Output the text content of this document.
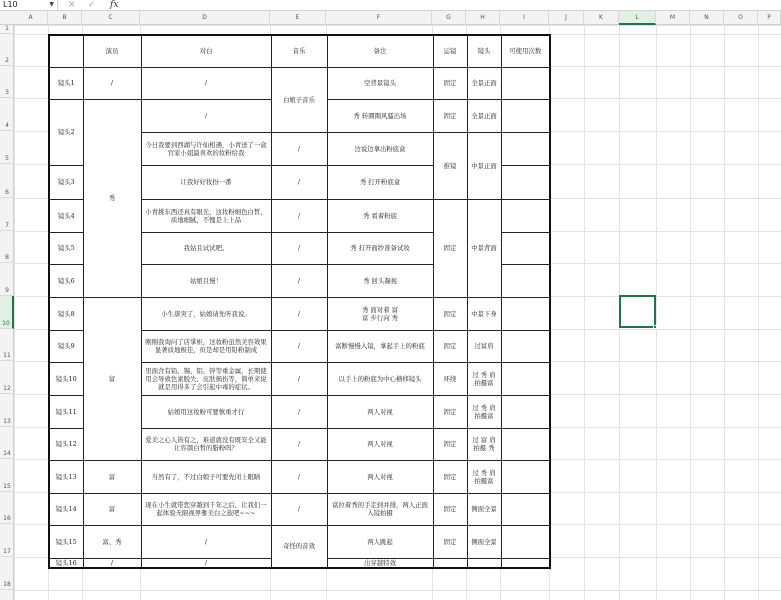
L10	▼ ✕ ✓ fx
A	B	C	D	E	F	G	H	I	J	K	L	M	N	O	P
1
2
3
4
5
6
7
8
9
10
11
12
13
14
15
16
17
18
	演员	对白	音乐	备注	运镜	镜头	可使用次数
镜头1	/	/	白娘子音乐	空背景镜头	固定	全景正面	
镜头2	秀	/		秀 转圈圈风骚出场	固定	全景正面	
		今日我要到西湖与许仙相遇，小青送了一盒官家小姐最喜欢的妆粉给我	/	边说边拿出粉底盒	推镜	中景正面	
镜头3		让我好好妆扮一番	/	秀 打开粉底盒			
镜头4		小青挑东西还真有眼光，这妆粉细色白皙、质地细腻，不愧是上上品	/	秀 看着粉底	固定	中景背面	
镜头5		我姑且试试吧。	/	秀 打开面纱准备试妆			
镜头6		姑娘且慢！	/	秀 回头凝视			
镜头8	富	小生唐突了，姑娘请先听我说。	/	秀 面对着 富
富 步行向 秀	固定	中景下身	
镜头9		刚刚我询问了店掌柜，这妆粉虽然美容效果显著质地极佳，但是却是用铅粉制成	/	富断慢慢入镜，拿起手上的粉底	固定	过富肩	
镜头10		里面含有铅、锡、铝、锌等重金属，长期使用会导致色素脱失、皮肤损伤等，简单来说就是用得多了会引起中毒的症状。	/	以手上的粉底为中心横移镜头	环绕	过 秀 肩
拍摄富	
镜头11		姑娘用这妆粉可要慎重才行	/	两人对视	固定	过 秀 肩
拍摄富	
镜头12		爱美之心人皆有之，难道就没有既安全又能让容颜白皙的脂粉吗？	/	两人对视	固定	过 富 肩
拍摄 秀	
镜头13	富	当然有了，不过白娘子可要先闭上眼睛	/	两人对视	固定	过 秀 肩
拍摄富	
镜头14	富	现在小生就带您穿越到千年之后，让我们一起体验无限视界雅美白之旅吧~~~	/	富拉着秀的手走到并排，两人正面入镜拍摄	固定	侧面全景	
镜头15	富、秀	/	奇怪的音效	两人跳起	固定	侧面全景	
镜头16	/	/		出穿越特效			
